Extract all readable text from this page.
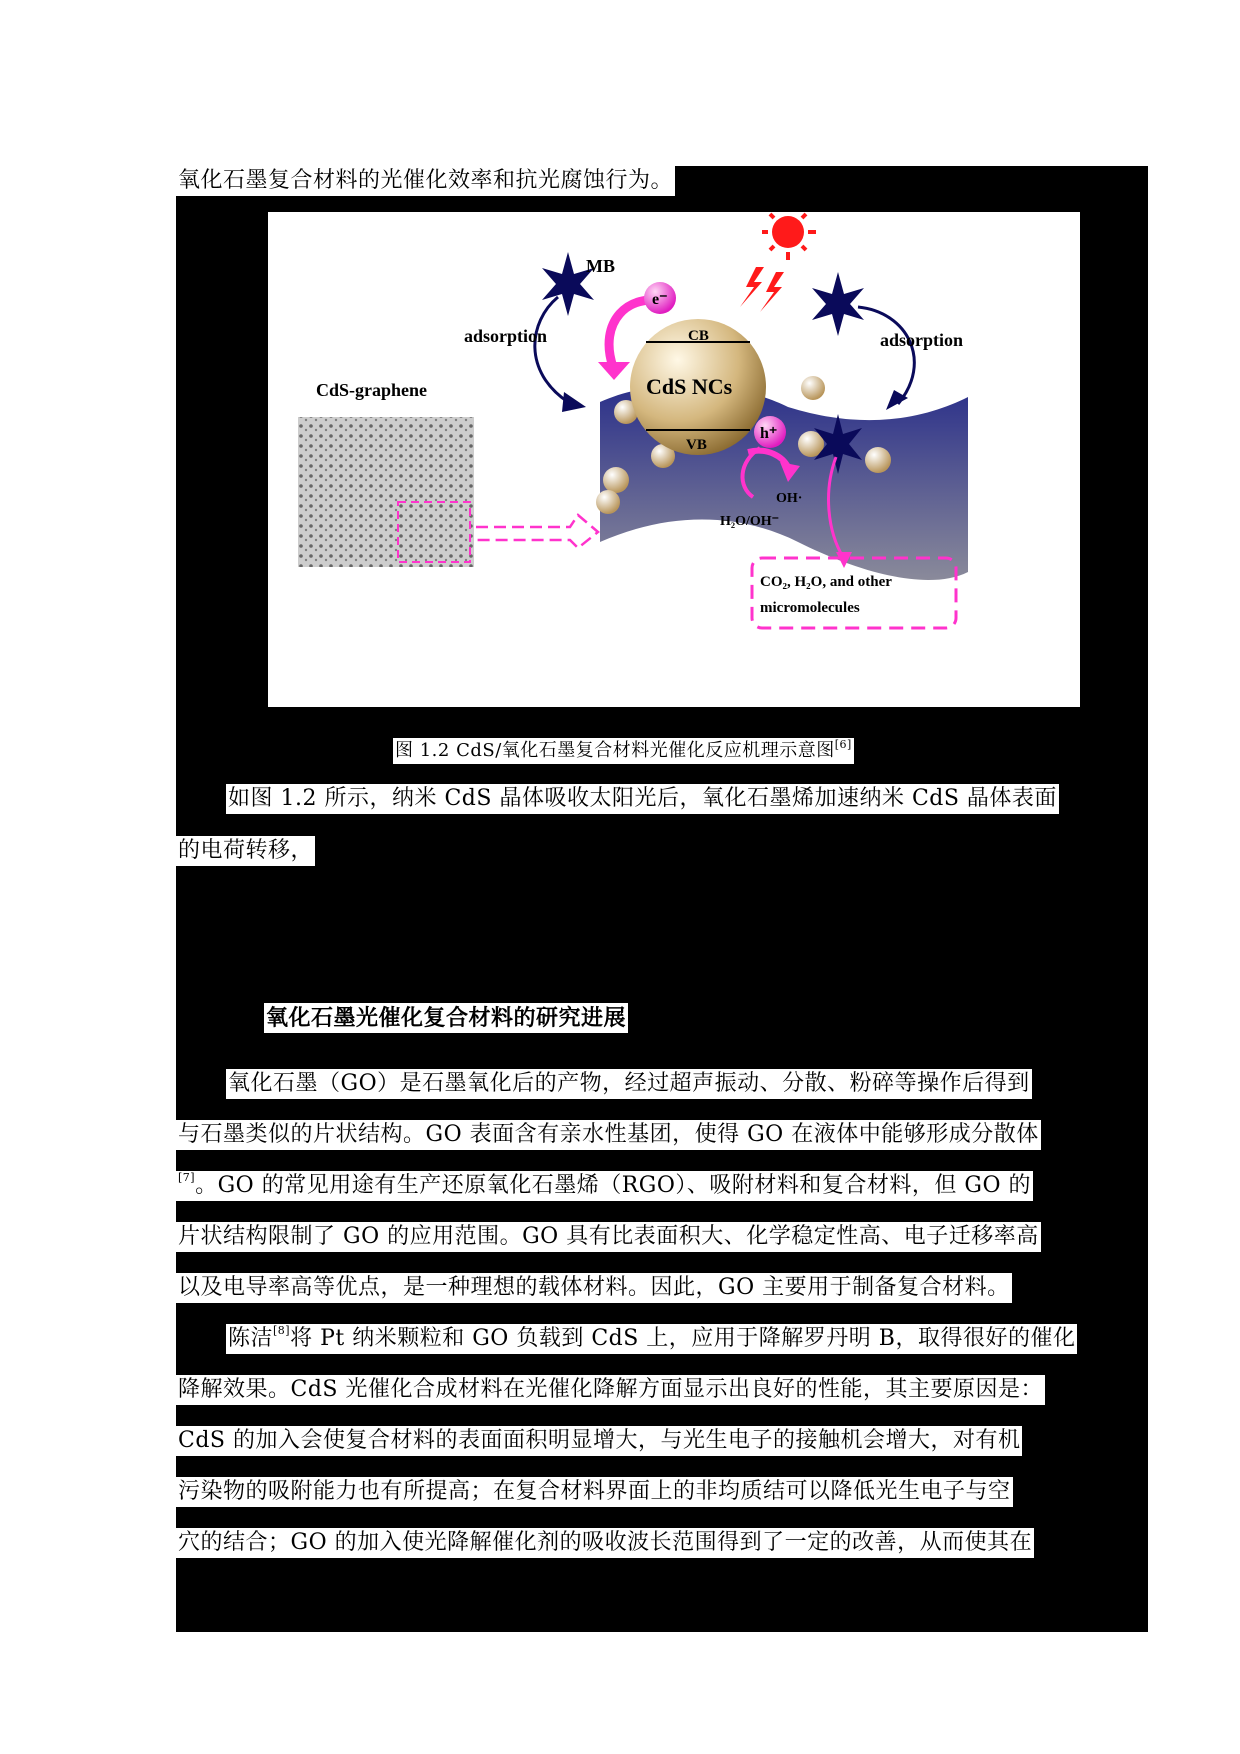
氧化石墨复合材料的光催化效率和抗光腐蚀行为。
CdS-graphene
CB
CdS NCs
VB
e⁻
h⁺
OH·
H₂O/OH⁻
MB
adsorption	adsorption
CO₂, H₂O, and other
micromolecules
图 1.2 CdS/氧化石墨复合材料光催化反应机理示意图[6]
如图 1.2 所示，纳米 CdS 晶体吸收太阳光后，氧化石墨烯加速纳米 CdS 晶体表面
的电荷转移，
氧化石墨光催化复合材料的研究进展
氧化石墨（GO）是石墨氧化后的产物，经过超声振动、分散、粉碎等操作后得到
与石墨类似的片状结构。GO 表面含有亲水性基团，使得 GO 在液体中能够形成分散体
[7]。GO 的常见用途有生产还原氧化石墨烯（RGO）、吸附材料和复合材料，但 GO 的
片状结构限制了 GO 的应用范围。GO 具有比表面积大、化学稳定性高、电子迁移率高
以及电导率高等优点，是一种理想的载体材料。因此，GO 主要用于制备复合材料。
陈洁[8]将 Pt 纳米颗粒和 GO 负载到 CdS 上，应用于降解罗丹明 B，取得很好的催化
降解效果。CdS 光催化合成材料在光催化降解方面显示出良好的性能，其主要原因是：
CdS 的加入会使复合材料的表面面积明显增大，与光生电子的接触机会增大，对有机
污染物的吸附能力也有所提高；在复合材料界面上的非均质结可以降低光生电子与空
穴的结合；GO 的加入使光降解催化剂的吸收波长范围得到了一定的改善，从而使其在
